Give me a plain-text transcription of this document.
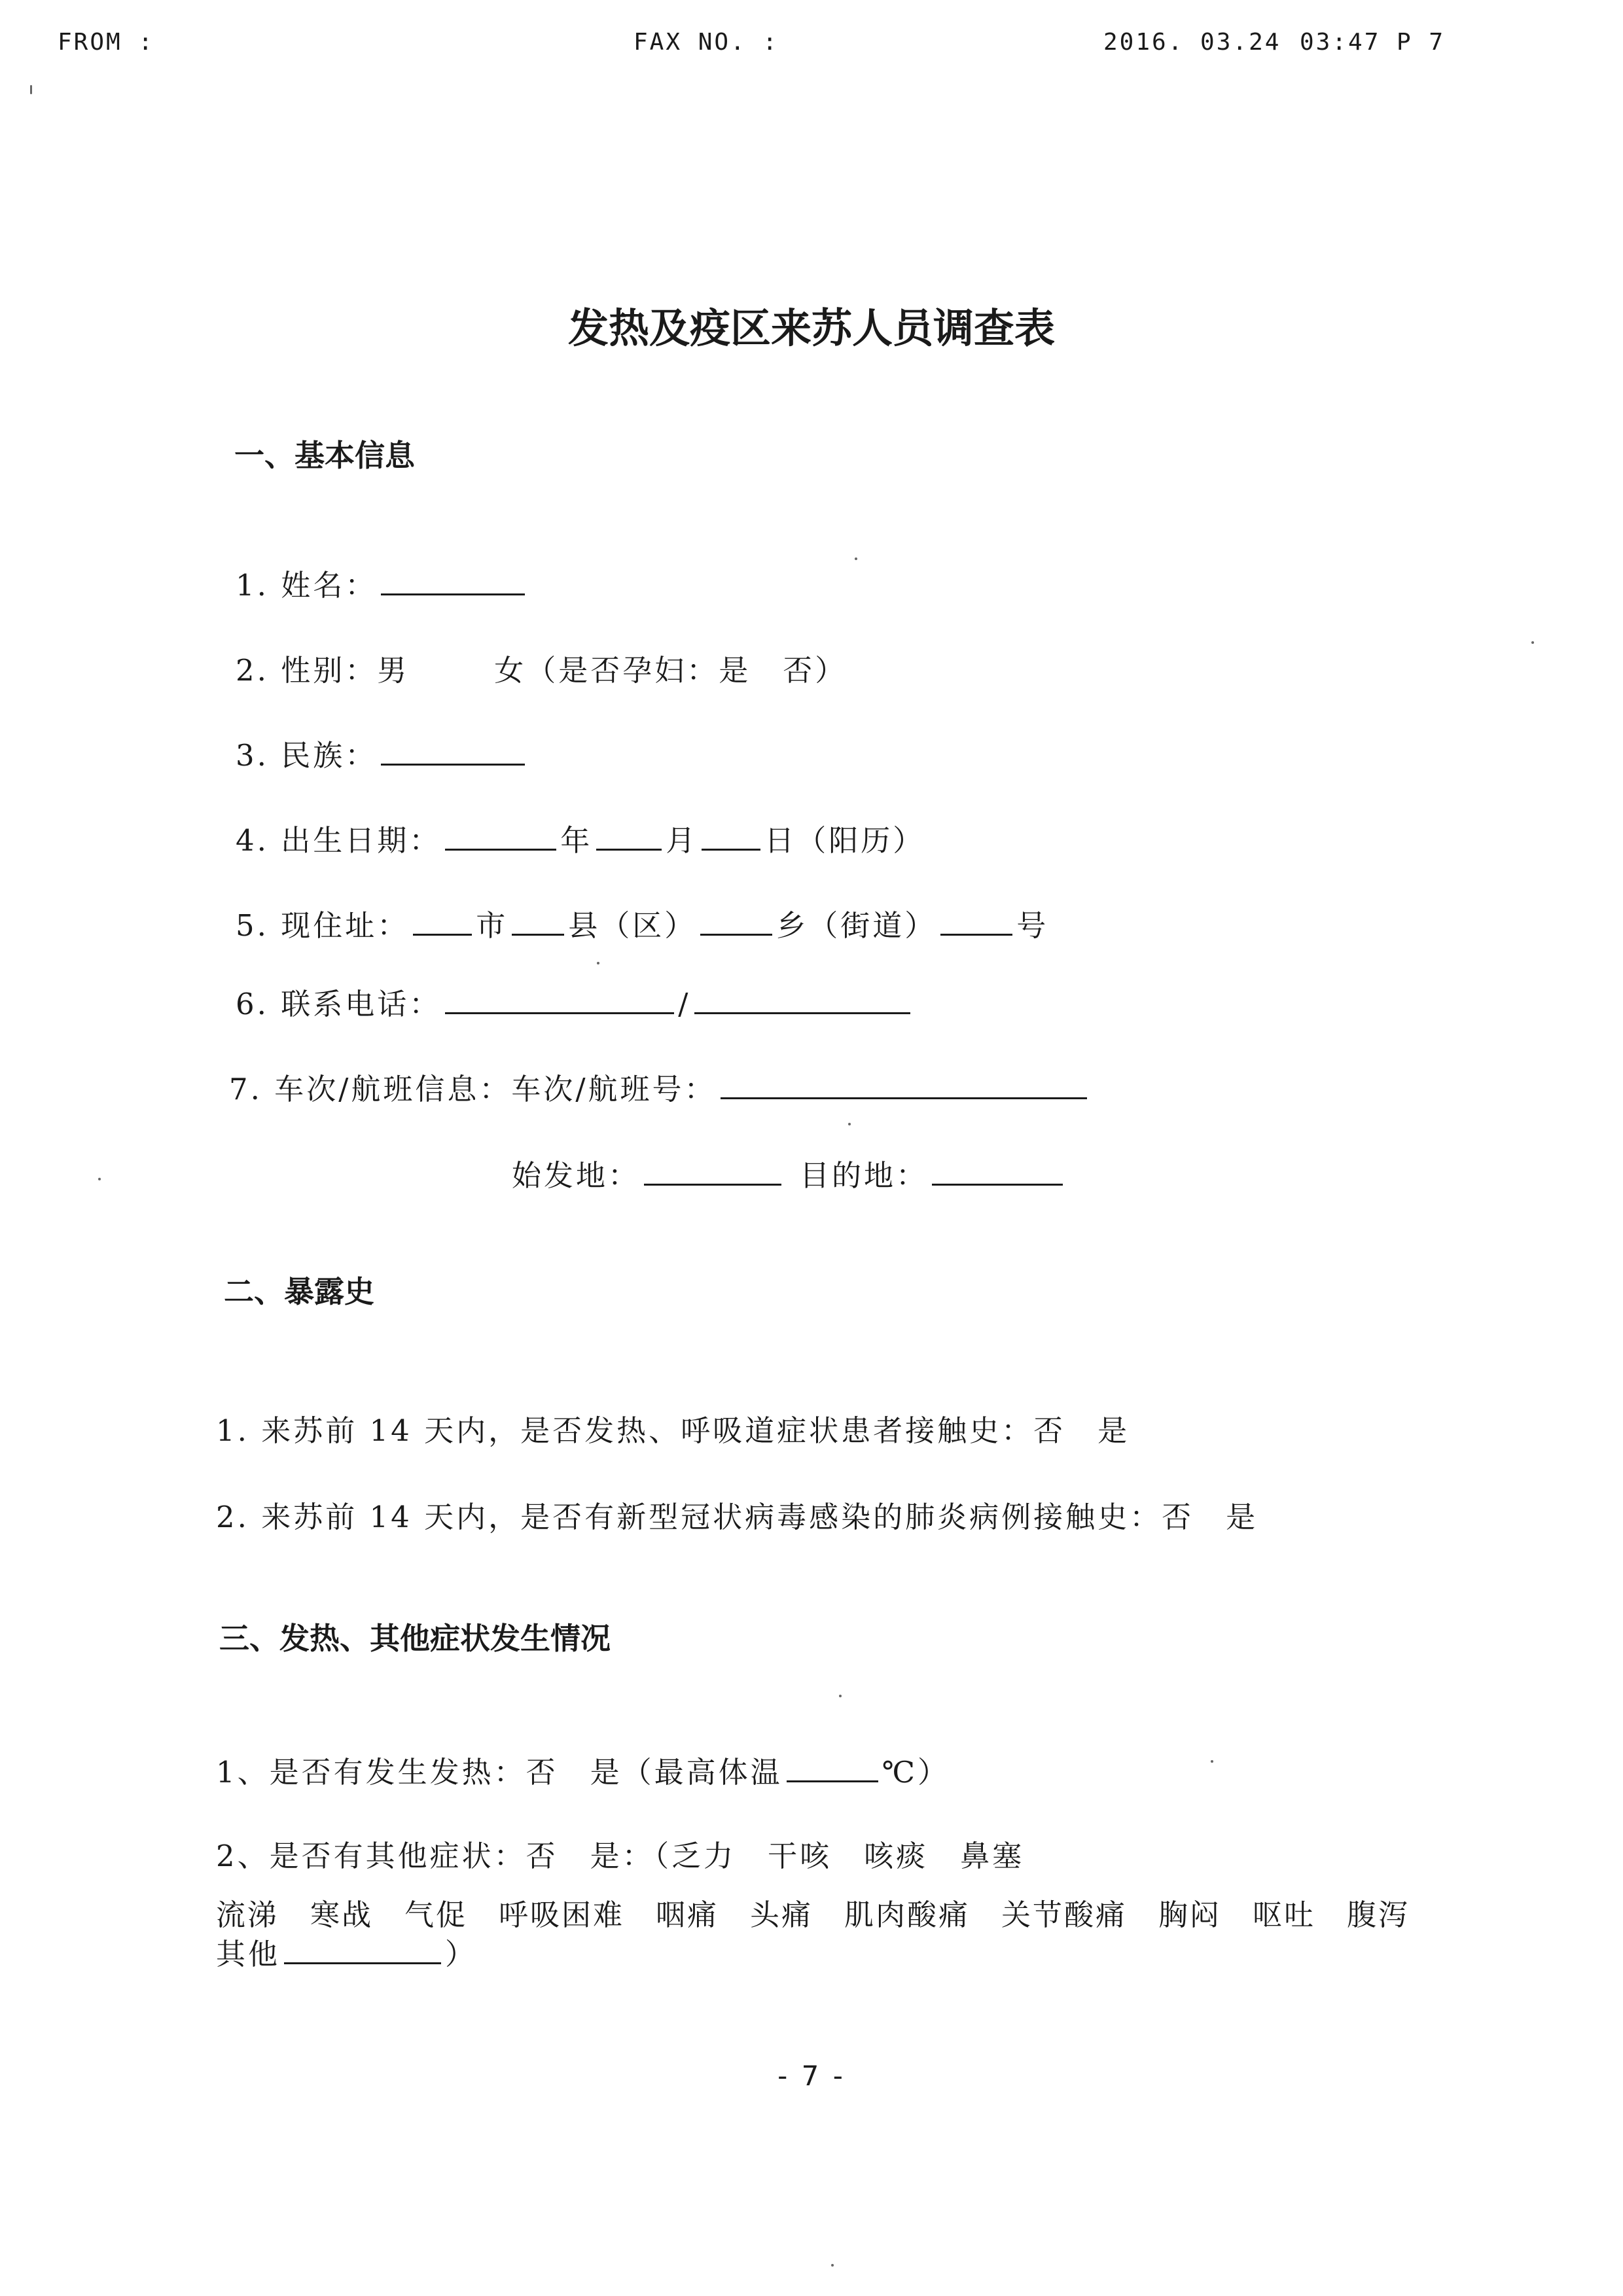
FROM :	FAX NO. :	2016. 03.24 03:47 P 7
发热及疫区来苏人员调查表
一、基本信息
1. 姓名：
2. 性别：男	女（是否孕妇：是　否）
3. 民族：
4. 出生日期：	年 月 日（阳历）
5. 现住址： 市 县（区）	乡（街道）	号
6. 联系电话：	/
7. 车次/航班信息：车次/航班号：
始发地：	目的地：
二、暴露史
1. 来苏前 14 天内，是否发热、呼吸道症状患者接触史：否　是
2. 来苏前 14 天内，是否有新型冠状病毒感染的肺炎病例接触史：否　是
三、发热、其他症状发生情况
1、是否有发生发热：否　是（最高体温	℃）
2、是否有其他症状：否　是：（乏力　干咳　咳痰　鼻塞
流涕　寒战　气促　呼吸困难　咽痛　头痛　肌肉酸痛　关节酸痛　胸闷　呕吐　腹泻
其他	）
- 7 -
